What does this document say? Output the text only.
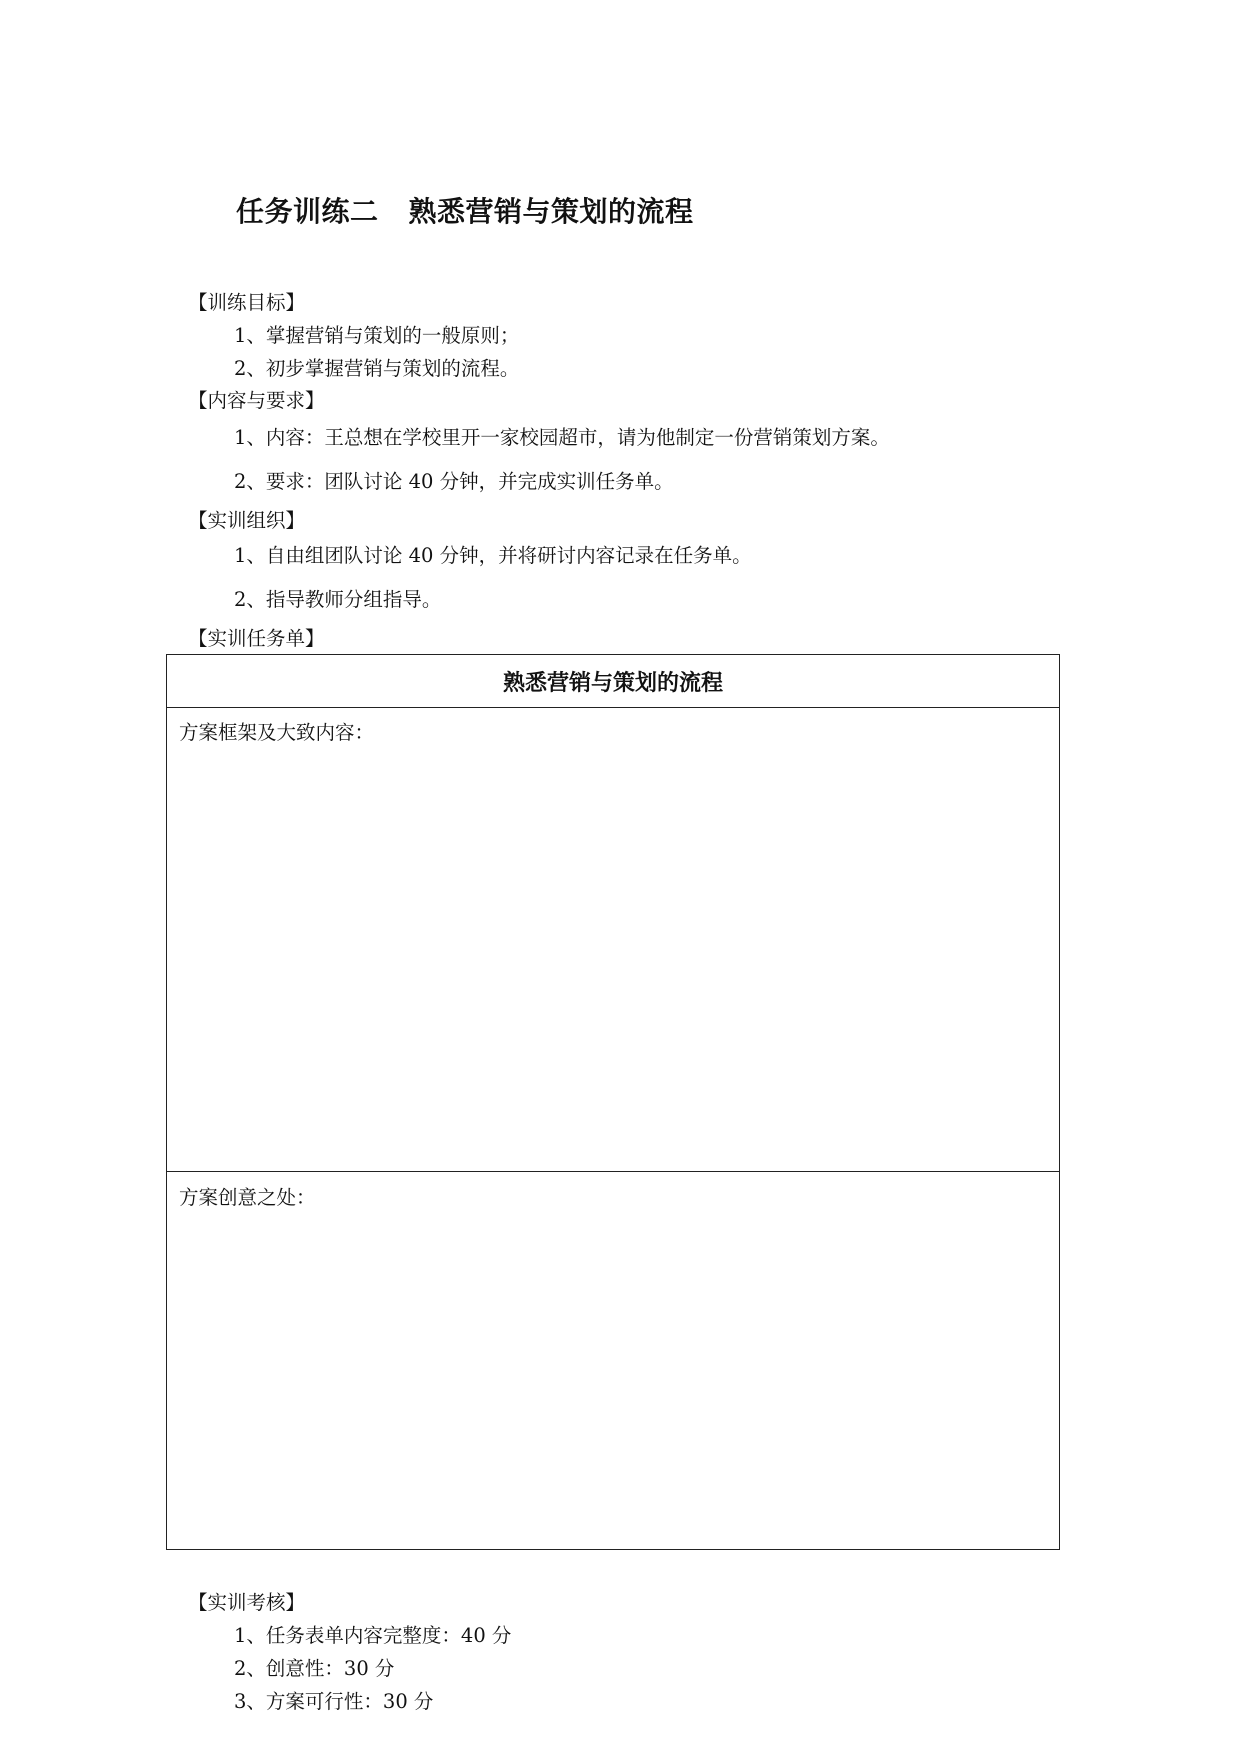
任务训练二 熟悉营销与策划的流程
【训练目标】
1、掌握营销与策划的一般原则；
2、初步掌握营销与策划的流程。
【内容与要求】
1、内容：王总想在学校里开一家校园超市，请为他制定一份营销策划方案。
2、要求：团队讨论 40 分钟，并完成实训任务单。
【实训组织】
1、自由组团队讨论 40 分钟，并将研讨内容记录在任务单。
2、指导教师分组指导。
【实训任务单】
熟悉营销与策划的流程
方案框架及大致内容：
方案创意之处：
【实训考核】
1、任务表单内容完整度：40 分
2、创意性：30 分
3、方案可行性：30 分
